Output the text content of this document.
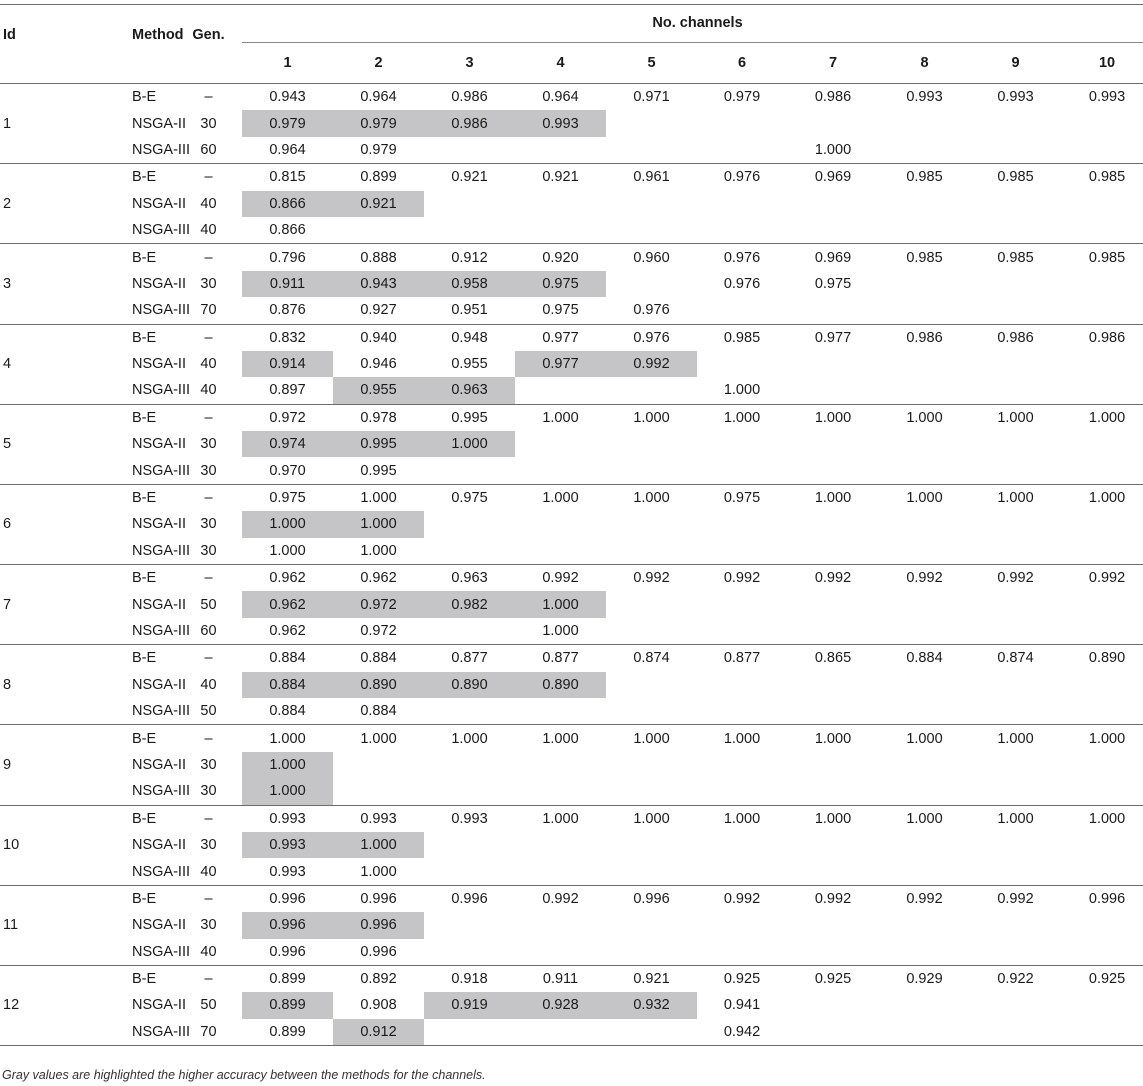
Id	Method	Gen.	No. channels									
			1	2	3	4	5	6	7	8	9	10
1	B-E	–	0.943	0.964	0.986	0.964	0.971	0.979	0.986	0.993	0.993	0.993
	NSGA-II	30	0.979	0.979	0.986	0.993						
	NSGA-III	60	0.964	0.979					1.000			
2	B-E	–	0.815	0.899	0.921	0.921	0.961	0.976	0.969	0.985	0.985	0.985
	NSGA-II	40	0.866	0.921								
	NSGA-III	40	0.866									
3	B-E	–	0.796	0.888	0.912	0.920	0.960	0.976	0.969	0.985	0.985	0.985
	NSGA-II	30	0.911	0.943	0.958	0.975		0.976	0.975			
	NSGA-III	70	0.876	0.927	0.951	0.975	0.976					
4	B-E	–	0.832	0.940	0.948	0.977	0.976	0.985	0.977	0.986	0.986	0.986
	NSGA-II	40	0.914	0.946	0.955	0.977	0.992					
	NSGA-III	40	0.897	0.955	0.963			1.000				
5	B-E	–	0.972	0.978	0.995	1.000	1.000	1.000	1.000	1.000	1.000	1.000
	NSGA-II	30	0.974	0.995	1.000							
	NSGA-III	30	0.970	0.995								
6	B-E	–	0.975	1.000	0.975	1.000	1.000	0.975	1.000	1.000	1.000	1.000
	NSGA-II	30	1.000	1.000								
	NSGA-III	30	1.000	1.000								
7	B-E	–	0.962	0.962	0.963	0.992	0.992	0.992	0.992	0.992	0.992	0.992
	NSGA-II	50	0.962	0.972	0.982	1.000						
	NSGA-III	60	0.962	0.972		1.000						
8	B-E	–	0.884	0.884	0.877	0.877	0.874	0.877	0.865	0.884	0.874	0.890
	NSGA-II	40	0.884	0.890	0.890	0.890						
	NSGA-III	50	0.884	0.884								
9	B-E	–	1.000	1.000	1.000	1.000	1.000	1.000	1.000	1.000	1.000	1.000
	NSGA-II	30	1.000									
	NSGA-III	30	1.000									
10	B-E	–	0.993	0.993	0.993	1.000	1.000	1.000	1.000	1.000	1.000	1.000
	NSGA-II	30	0.993	1.000								
	NSGA-III	40	0.993	1.000								
11	B-E	–	0.996	0.996	0.996	0.992	0.996	0.992	0.992	0.992	0.992	0.996
	NSGA-II	30	0.996	0.996								
	NSGA-III	40	0.996	0.996								
12	B-E	–	0.899	0.892	0.918	0.911	0.921	0.925	0.925	0.929	0.922	0.925
	NSGA-II	50	0.899	0.908	0.919	0.928	0.932	0.941				
	NSGA-III	70	0.899	0.912				0.942				
Gray values are highlighted the higher accuracy between the methods for the channels.
